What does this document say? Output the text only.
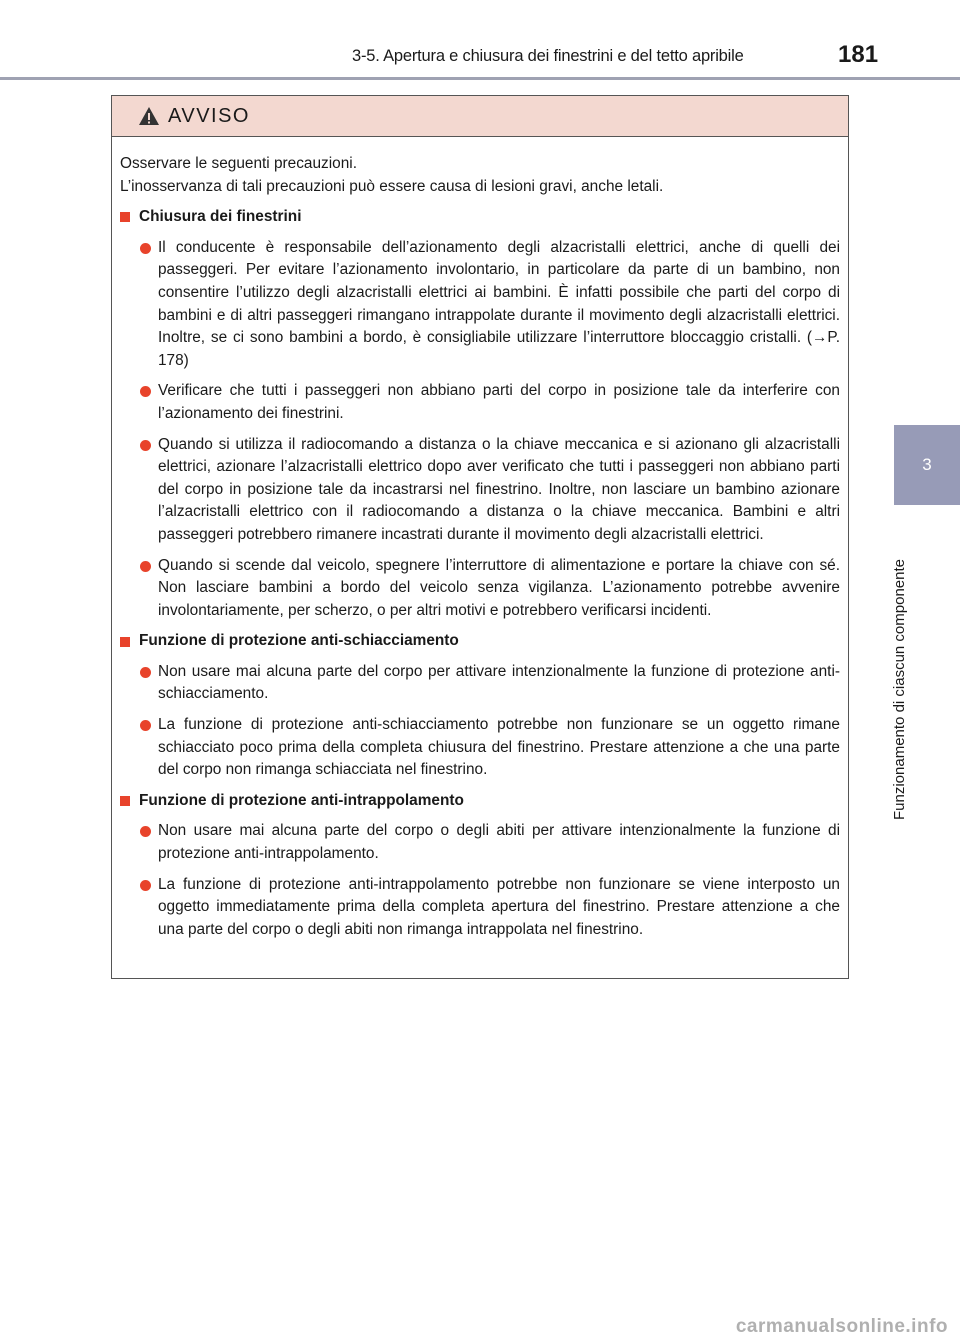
3-5. Apertura e chiusura dei finestrini e del tetto apribile	181
3
Funzionamento di ciascun componente
AVVISO

Osservare le seguenti precauzioni.

L’inosservanza di tali precauzioni può essere causa di lesioni gravi, anche letali.

Chiusura dei finestrini
Il conducente è responsabile dell’azionamento degli alzacristalli elettrici, anche di quelli dei passeggeri. Per evitare l’azionamento involontario, in particolare da parte di un bambino, non consentire l’utilizzo degli alzacristalli elettrici ai bambini. È infatti possibile che parti del corpo di bambini e di altri passeggeri rimangano intrappolate durante il movimento degli alzacristalli elettrici. Inoltre, se ci sono bambini a bordo, è consigliabile utilizzare l’interruttore bloccaggio cristalli. (→P. 178)
Verificare che tutti i passeggeri non abbiano parti del corpo in posizione tale da interferire con l’azionamento dei finestrini.
Quando si utilizza il radiocomando a distanza o la chiave meccanica e si azionano gli alzacristalli elettrici, azionare l’alzacristalli elettrico dopo aver verificato che tutti i passeggeri non abbiano parti del corpo in posizione tale da incastrarsi nel finestrino. Inoltre, non lasciare un bambino azionare l’alzacristalli elettrico con il radiocomando a distanza o la chiave meccanica. Bambini e altri passeggeri potrebbero rimanere incastrati durante il movimento degli alzacristalli elettrici.
Quando si scende dal veicolo, spegnere l’interruttore di alimentazione e portare la chiave con sé. Non lasciare bambini a bordo del veicolo senza vigilanza. L’azionamento potrebbe avvenire involontariamente, per scherzo, o per altri motivi e potrebbero verificarsi incidenti.
Funzione di protezione anti-schiacciamento
Non usare mai alcuna parte del corpo per attivare intenzionalmente la funzione di protezione anti-schiacciamento.
La funzione di protezione anti-schiacciamento potrebbe non funzionare se un oggetto rimane schiacciato poco prima della completa chiusura del finestrino. Prestare attenzione a che una parte del corpo non rimanga schiacciata nel finestrino.
Funzione di protezione anti-intrappolamento
Non usare mai alcuna parte del corpo o degli abiti per attivare intenzionalmente la funzione di protezione anti-intrappolamento.
La funzione di protezione anti-intrappolamento potrebbe non funzionare se viene interposto un oggetto immediatamente prima della completa apertura del finestrino. Prestare attenzione a che una parte del corpo o degli abiti non rimanga intrappolata nel finestrino.
carmanualsonline.info
